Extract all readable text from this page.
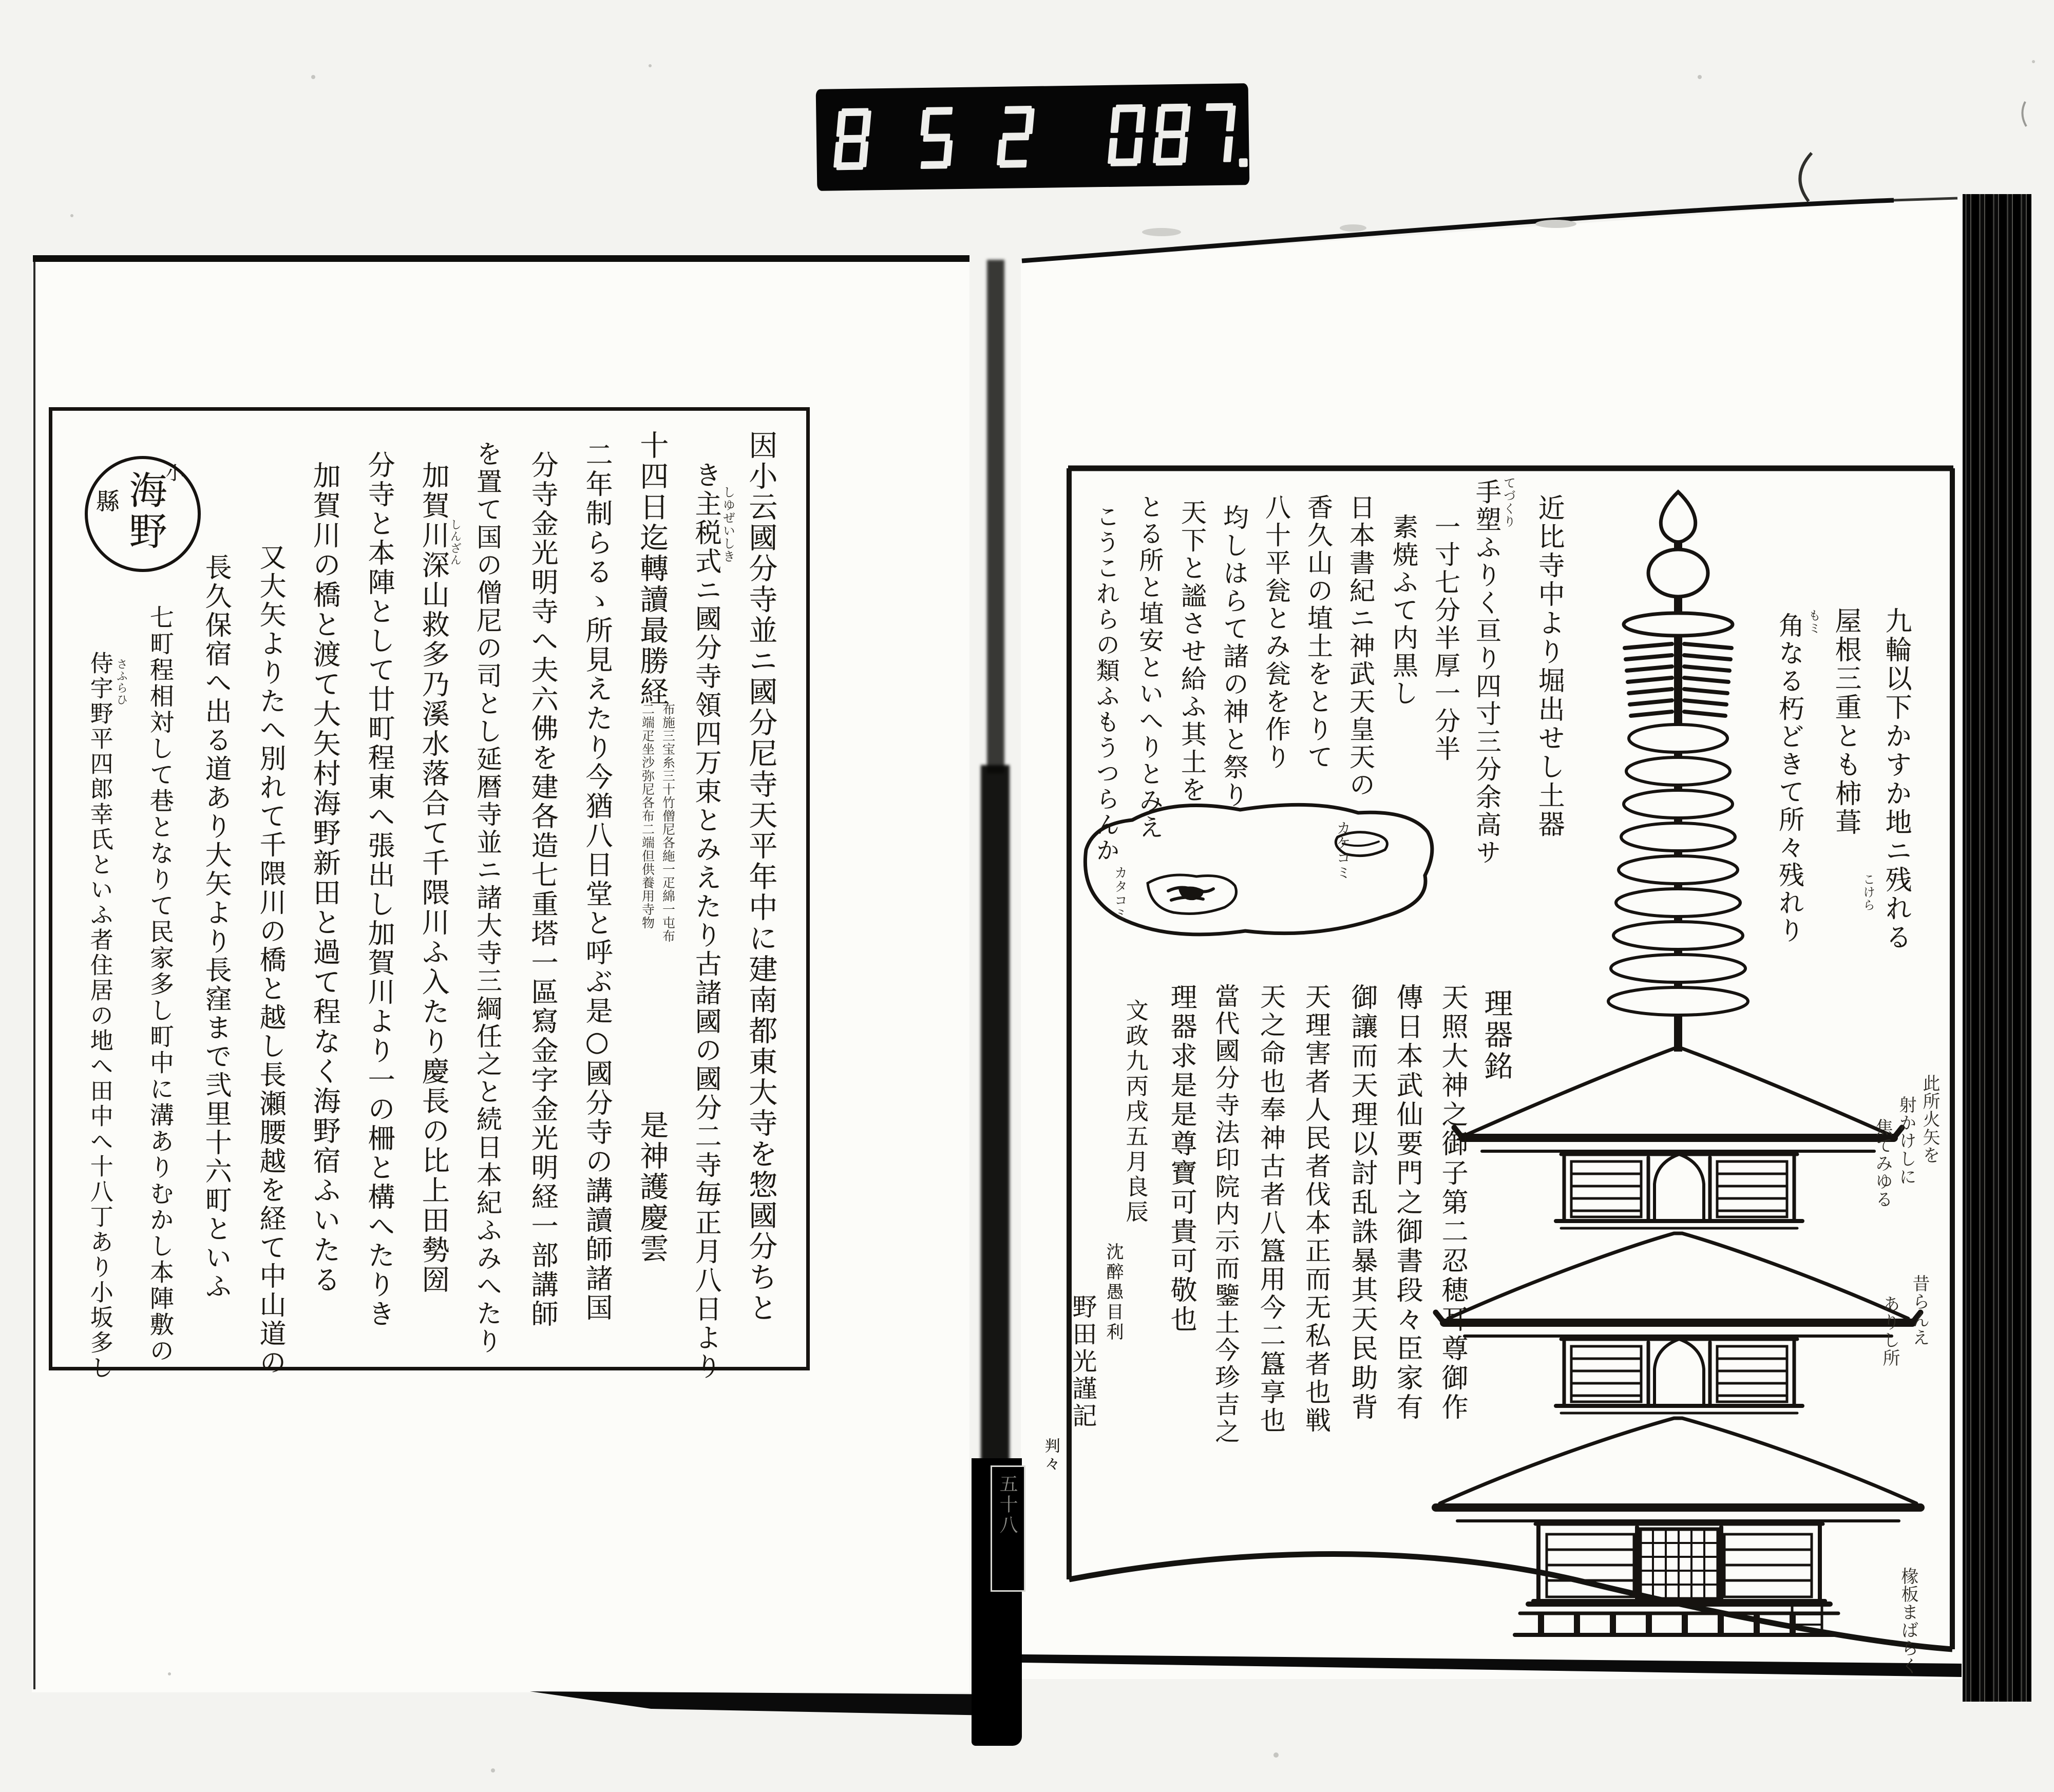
五十八
海野
小
縣	因小云國分寺並ニ國分尼寺天平年中に建南都東大寺を惣國分ちと
き主税式ニ國分寺領四万束とみえたり古諸國の國分二寺毎正月八日より しゆぜいしき
十四日迄轉讀最勝経
布施三宝糸三十竹僧尼各絁一疋綿一屯布
二端疋坐沙弥尼各布二端但供養用寺物
是神護慶雲
二年制らるゝ所見えたり今猶八日堂と呼ぶ是○國分寺の講讀師諸国
分寺金光明寺へ夫六佛を建各造七重塔一區寫金字金光明経一部講師
を置て国の僧尼の司とし延暦寺並ニ諸大寺三綱任之と続日本紀ふみへたり
加賀川深山救多乃溪水落合て千隈川ふ入たり慶長の比上田勢圀
しんざん
分寺と本陣として廿町程東へ張出し加賀川より一の柵と構へたりき
加賀川の橋と渡て大矢村海野新田と過て程なく海野宿ふいたる
又大矢よりたへ別れて千隈川の橋と越し長瀬腰越を経て中山道の
長久保宿へ出る道あり大矢より長窪まで弐里十六町といふ
七町程相対して巷となりて民家多し町中に溝ありむかし本陣敷の
侍宇野平四郎幸氏といふ者住居の地へ田中へ十八丁あり小坂多し さふらひ	九輪以下かすか地ニ残れる
屋根三重とも柿葺
こけら
角なる朽どきて所々残れり もミ
近比寺中より堀出せし土器
手塑ふりく亘り四寸三分余高サ てづくり
一寸七分半厚一分半
素焼ふて内黒し
日本書紀ニ神武天皇天の
香久山の埴土をとりて
八十平瓮とみ瓮を作り
均しはらて諸の神と祭り
天下と謐させ給ふ其土を
とる所と埴安といへりとみえ
こうこれらの類ふもうつらんか	カケコミ
カタコミ
此所火矢を
射かけしに
焦てみゆる
昔らんえ
ありし所
椽板まばらく
理器銘
天照大神之御子第二忍穂耳尊御作
傳日本武仙要門之御書段々臣家有
御讓而天理以討乱誅暴其天民助背
天理害者人民者伐本正而无私者也戦
天之命也奉神古者八簋用今二簋享也
當代國分寺法印院内示而鑒土今珍吉之
理器求是是尊寶可貴可敬也
文政九丙戌五月良辰
沈醉愚目利
野田光謹記
判々
